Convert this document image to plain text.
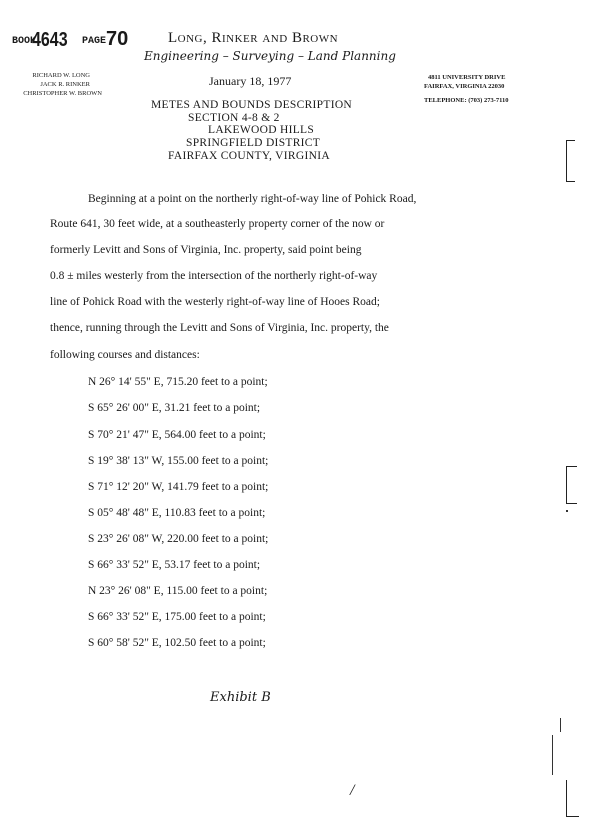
BOOK
4643 PAGE 70	Long, Rinker and Brown
Engineering – Surveying – Land Planning
RICHARD W. LONG
JACK R. RINKER
CHRISTOPHER W. BROWN
4811 UNIVERSITY DRIVE
FAIRFAX, VIRGINIA 22030
TELEPHONE: (703) 273-7110
January 18, 1977
METES AND BOUNDS DESCRIPTION
SECTION 4-8 & 2
LAKEWOOD HILLS
SPRINGFIELD DISTRICT
FAIRFAX COUNTY, VIRGINIA
Beginning at a point on the northerly right-of-way line of Pohick Road,
Route 641, 30 feet wide, at a southeasterly property corner of the now or
formerly Levitt and Sons of Virginia, Inc. property, said point being
0.8 ± miles westerly from the intersection of the northerly right-of-way
line of Pohick Road with the westerly right-of-way line of Hooes Road;
thence, running through the Levitt and Sons of Virginia, Inc. property, the
following courses and distances:
N 26° 14' 55" E, 715.20 feet to a point;
S 65° 26' 00" E, 31.21 feet to a point;
S 70° 21' 47" E, 564.00 feet to a point;
S 19° 38' 13" W, 155.00 feet to a point;
S 71° 12' 20" W, 141.79 feet to a point;
S 05° 48' 48" E, 110.83 feet to a point;
S 23° 26' 08" W, 220.00 feet to a point;
S 66° 33' 52" E, 53.17 feet to a point;
N 23° 26' 08" E, 115.00 feet to a point;
S 66° 33' 52" E, 175.00 feet to a point;
S 60° 58' 52" E, 102.50 feet to a point;
Exhibit B
/
